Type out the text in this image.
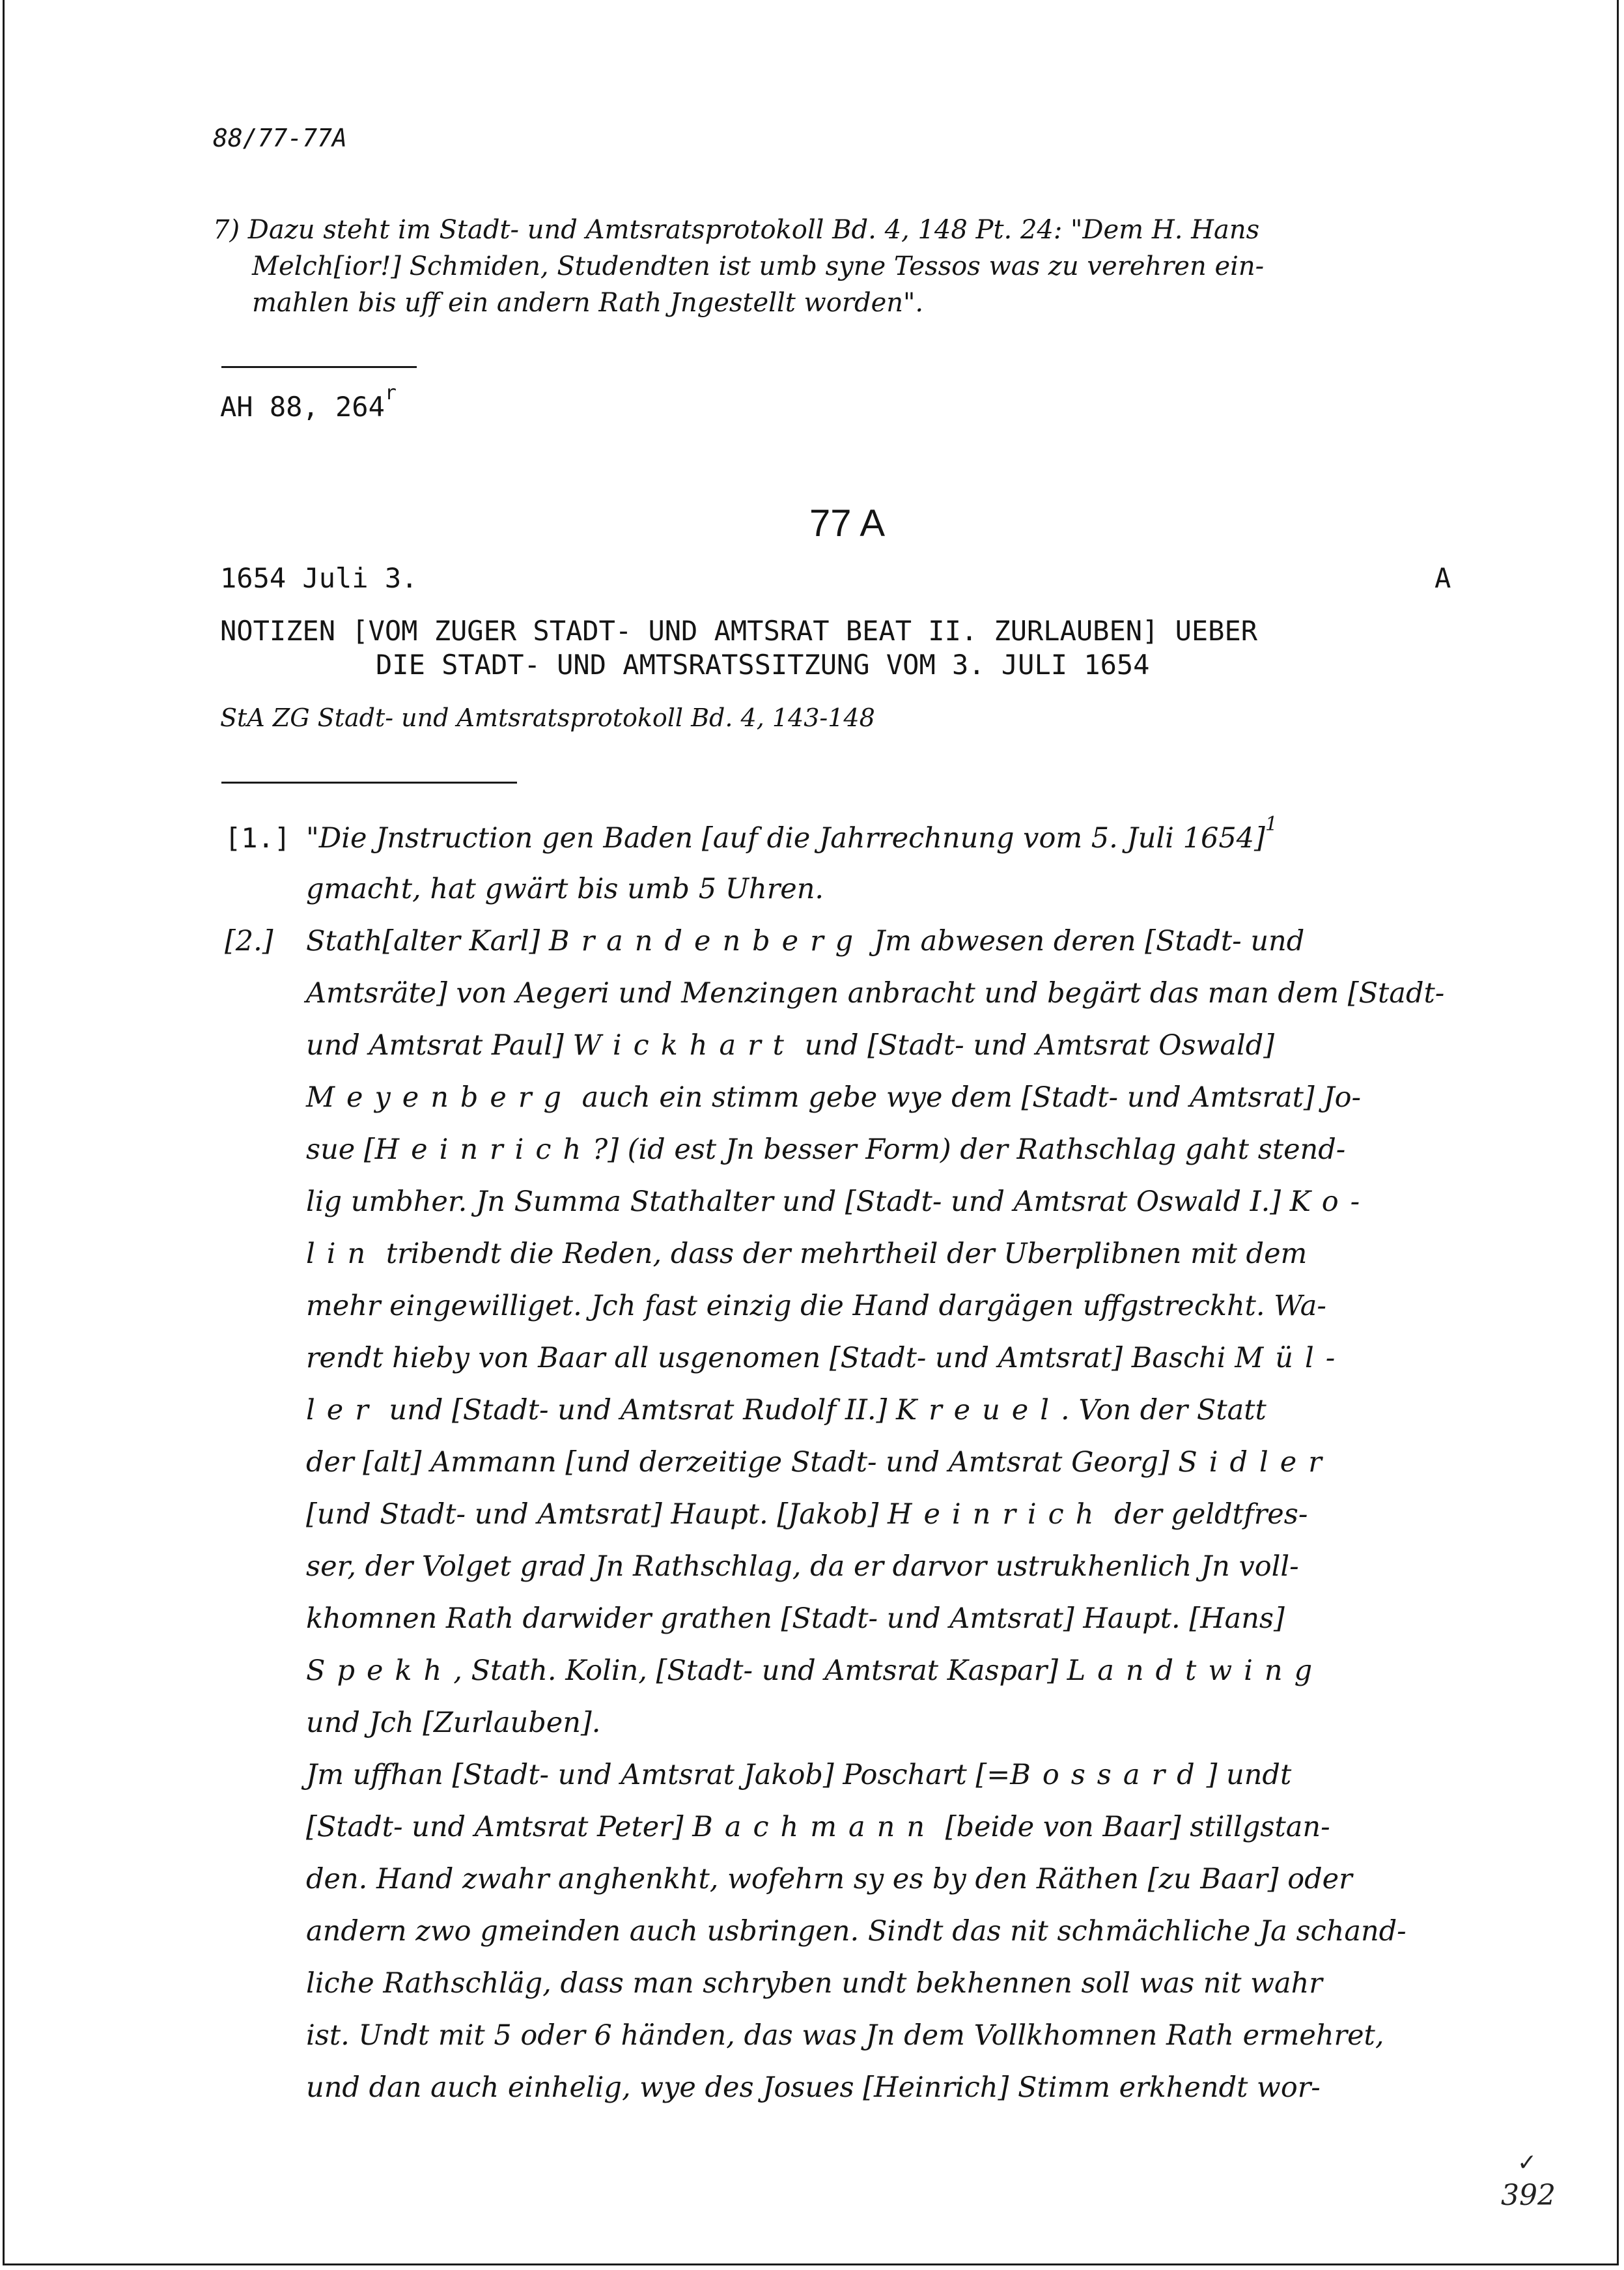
88/77-77A
7) Dazu steht im Stadt- und Amtsratsprotokoll Bd. 4, 148 Pt. 24: "Dem H. Hans
Melch[ior!] Schmiden, Studendten ist umb syne Tessos was zu verehren ein-
mahlen bis uff ein andern Rath Jngestellt worden".
AH 88, 264$^r$
77 A
1654 Juli 3.	A
NOTIZEN [VOM ZUGER STADT- UND AMTSRAT BEAT II. ZURLAUBEN] UEBER
DIE STADT- UND AMTSRATSSITZUNG VOM 3. JULI 1654
StA ZG Stadt- und Amtsratsprotokoll Bd. 4, 143-148
[1.] "Die Jnstruction gen Baden [auf die Jahrrechnung vom 5. Juli 1654]$^1$
gmacht, hat gwärt bis umb 5 Uhren.
[2.] Stath[alter Karl] Brandenberg Jm abwesen deren [Stadt- und
Amtsräte] von Aegeri und Menzingen anbracht und begärt das man dem [Stadt-
und Amtsrat Paul] Wickhart und [Stadt- und Amtsrat Oswald]
Meyenberg auch ein stimm gebe wye dem [Stadt- und Amtsrat] Jo-
sue [Heinrich?] (id est Jn besser Form) der Rathschlag gaht stend-
lig umbher. Jn Summa Stathalter und [Stadt- und Amtsrat Oswald I.] Ko-
lin tribendt die Reden, dass der mehrtheil der Uberplibnen mit dem
mehr eingewilliget. Jch fast einzig die Hand dargägen uffgstreckht. Wa-
rendt hieby von Baar all usgenomen [Stadt- und Amtsrat] Baschi Mül-
ler und [Stadt- und Amtsrat Rudolf II.] Kreuel. Von der Statt
der [alt] Ammann [und derzeitige Stadt- und Amtsrat Georg] Sidler
[und Stadt- und Amtsrat] Haupt. [Jakob] Heinrich der geldtfres-
ser, der Volget grad Jn Rathschlag, da er darvor ustrukhenlich Jn voll-
khomnen Rath darwider grathen [Stadt- und Amtsrat] Haupt. [Hans]
Spekh, Stath. Kolin, [Stadt- und Amtsrat Kaspar] Landtwing
und Jch [Zurlauben].
Jm uffhan [Stadt- und Amtsrat Jakob] Poschart [=Bossard] undt
[Stadt- und Amtsrat Peter] Bachmann [beide von Baar] stillgstan-
den. Hand zwahr anghenkht, wofehrn sy es by den Räthen [zu Baar] oder
andern zwo gmeinden auch usbringen. Sindt das nit schmächliche Ja schand-
liche Rathschläg, dass man schryben undt bekhennen soll was nit wahr
ist. Undt mit 5 oder 6 händen, das was Jn dem Vollkhomnen Rath ermehret,
und dan auch einhelig, wye des Josues [Heinrich] Stimm erkhendt wor-
✓
392
